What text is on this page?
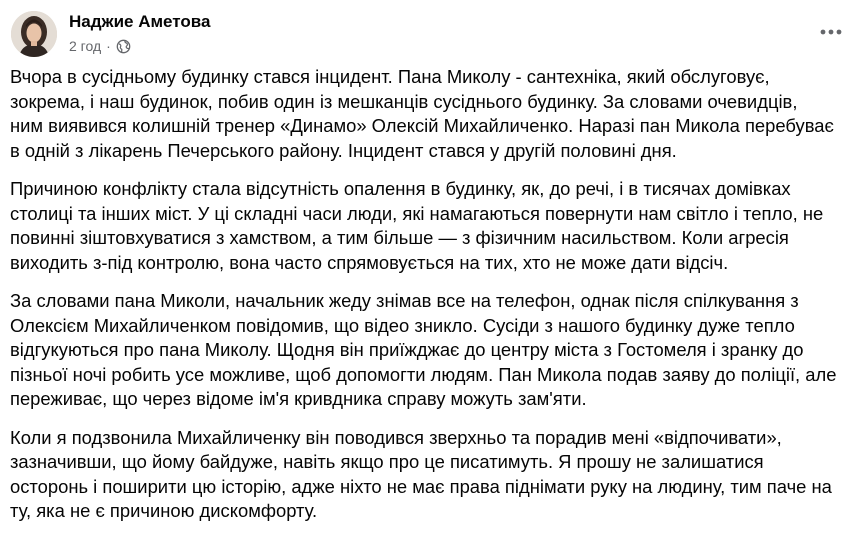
Наджие Аметова
2 год ·

Вчора в сусідньому будинку стався інцидент. Пана Миколу - сантехніка, який обслуговує,
зокрема, і наш будинок, побив один із мешканців сусіднього будинку. За словами очевидців,
ним виявився колишній тренер «Динамо» Олексій Михайличенко. Наразі пан Микола перебуває
в одній з лікарень Печерського району. Інцидент стався у другій половині дня.

Причиною конфлікту стала відсутність опалення в будинку, як, до речі, і в тисячах домівках
столиці та інших міст. У ці складні часи люди, які намагаються повернути нам світло і тепло, не
повинні зіштовхуватися з хамством, а тим більше — з фізичним насильством. Коли агресія
виходить з-під контролю, вона часто спрямовується на тих, хто не може дати відсіч.

За словами пана Миколи, начальник жеду знімав все на телефон, однак після спілкування з
Олексієм Михайличенком повідомив, що відео зникло. Сусіди з нашого будинку дуже тепло
відгукуються про пана Миколу. Щодня він приїжджає до центру міста з Гостомеля і зранку до
пізньої ночі робить усе можливе, щоб допомогти людям. Пан Микола подав заяву до поліції, але
переживає, що через відоме ім'я кривдника справу можуть зам'яти.

Коли я подзвонила Михайличенку він поводився зверхньо та порадив мені «відпочивати»,
зазначивши, що йому байдуже, навіть якщо про це писатимуть. Я прошу не залишатися
осторонь і поширити цю історію, адже ніхто не має права піднімати руку на людину, тим паче на
ту, яка не є причиною дискомфорту.
